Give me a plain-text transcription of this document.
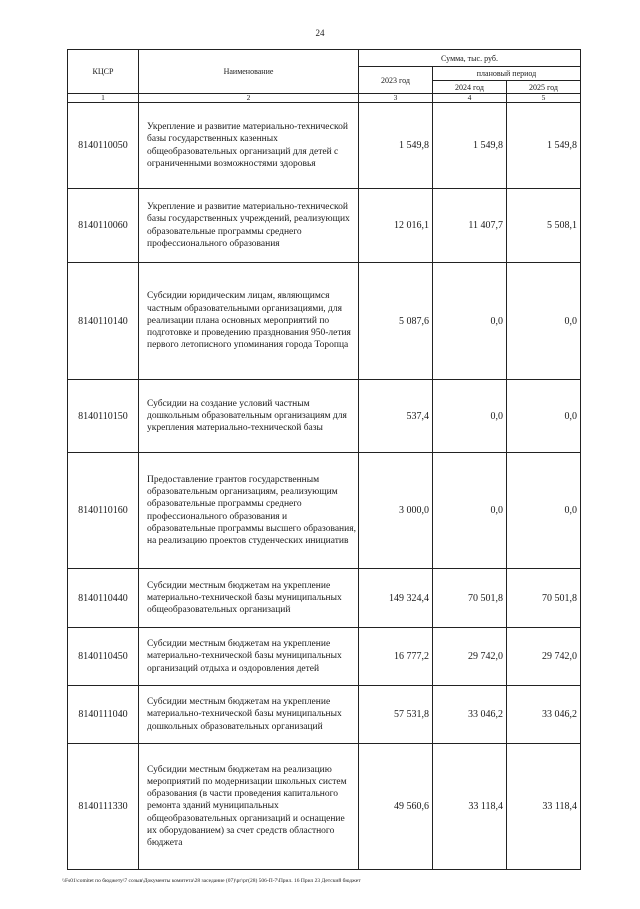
24
КЦСР	Наименование	Сумма, тыс. руб.		
		2023 год	плановый период	
			2024 год	2025 год
1	2	3	4	5
8140110050	Укрепление и развитие материально-технической базы государственных казенных общеобразовательных организаций для детей с ограниченными возможностями здоровья	1 549,8	1 549,8	1 549,8
8140110060	Укрепление и развитие материально-технической базы государственных учреждений, реализующих образовательные программы среднего профессионального образования	12 016,1	11 407,7	5 508,1
8140110140	Субсидии юридическим лицам, являющимся частным образовательными организациями, для реализации плана основных мероприятий по подготовке и проведению празднования 950-летия первого летописного упоминания города Торопца	5 087,6	0,0	0,0
8140110150	Субсидии на создание условий частным дошкольным образовательным организациям для укрепления материально-технической базы	537,4	0,0	0,0
8140110160	Предоставление грантов государственным образовательным организациям, реализующим образовательные программы среднего профессионального образования и образовательные программы высшего образования, на реализацию проектов студенческих инициатив	3 000,0	0,0	0,0
8140110440	Субсидии местным бюджетам на укрепление материально-технической базы муниципальных общеобразовательных организаций	149 324,4	70 501,8	70 501,8
8140110450	Субсидии местным бюджетам на укрепление материально-технической базы муниципальных организаций отдыха и оздоровления детей	16 777,2	29 742,0	29 742,0
8140111040	Субсидии местным бюджетам на укрепление материально-технической базы муниципальных дошкольных образовательных организаций	57 531,8	33 046,2	33 046,2
8140111330	Субсидии местным бюджетам на реализацию мероприятий по модернизации школьных систем образования (в части проведения капитального ремонта зданий муниципальных общеобразовательных организаций и оснащение их оборудованием) за счет средств областного бюджета	49 560,6	33 118,4	33 118,4
\\Fs01\comitet по бюджету\7 созыв\Документы комитета\28 заседание (07)\рг\рг(28) 506-П-7\Прил. 16 Прил 23 Детский бюджет
